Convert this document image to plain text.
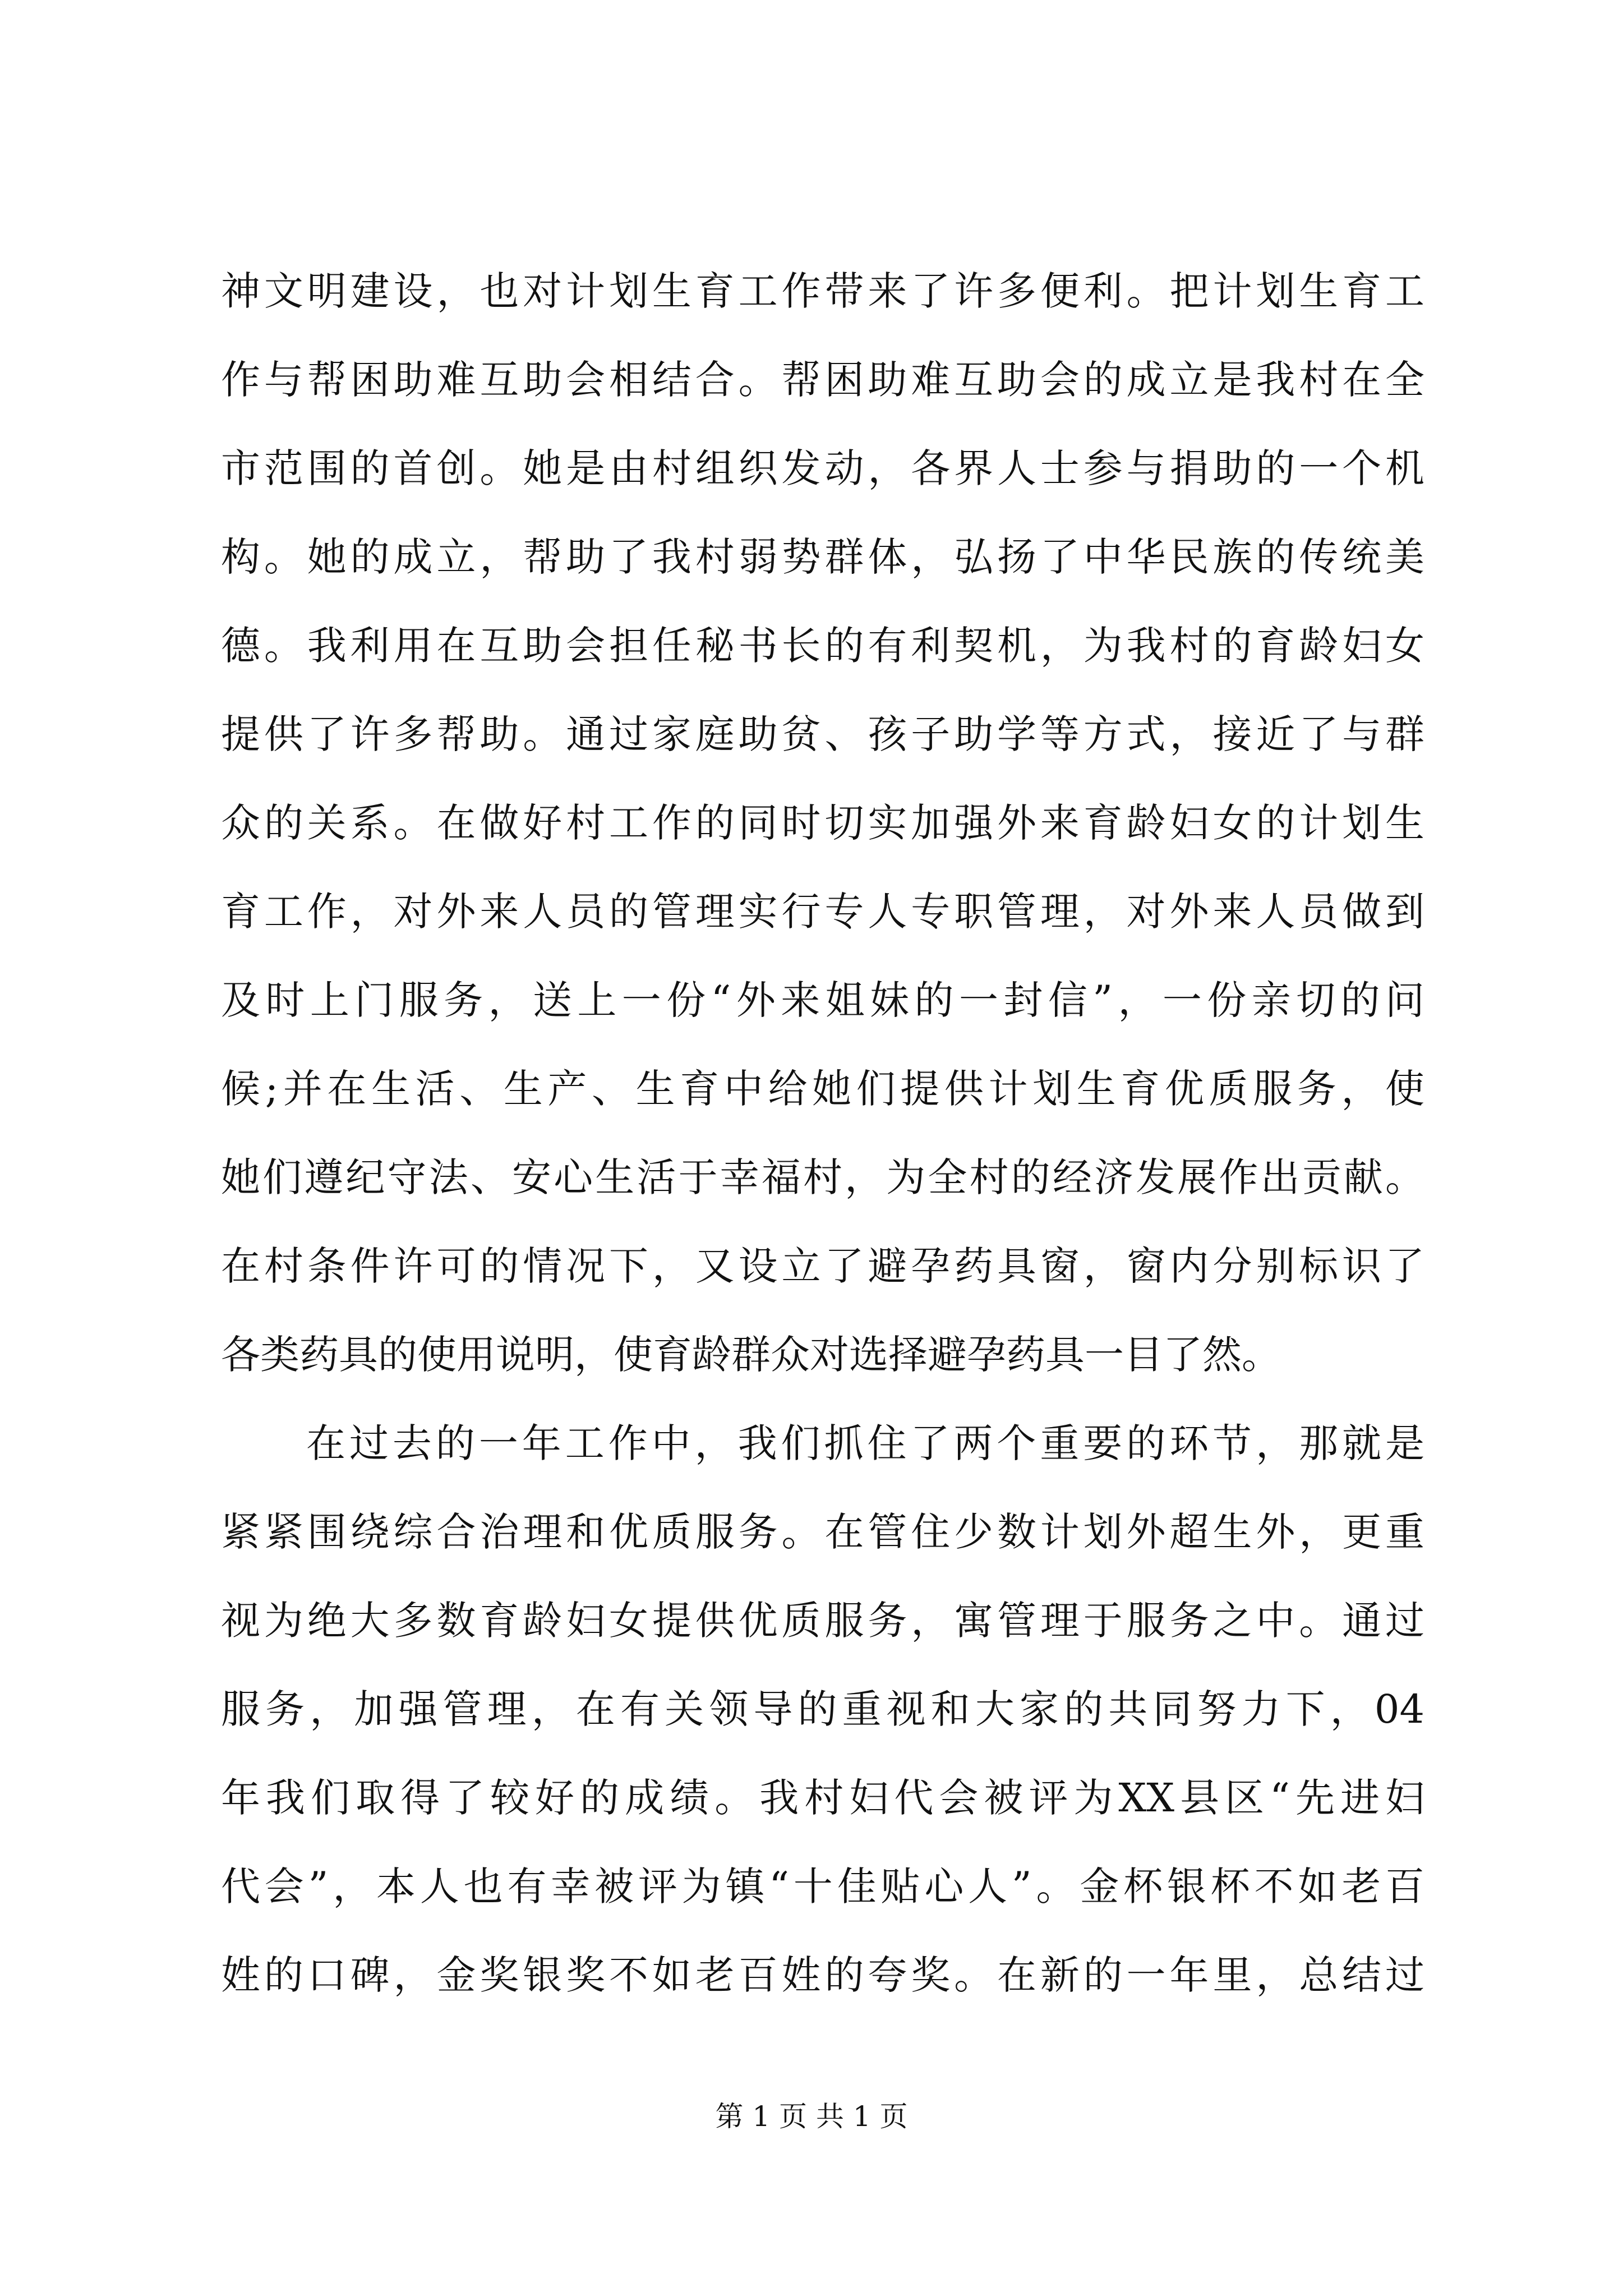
神文明建设，也对计划生育工作带来了许多便利。把计划生育工
作与帮困助难互助会相结合。帮困助难互助会的成立是我村在全
市范围的首创。她是由村组织发动，各界人士参与捐助的一个机
构。她的成立，帮助了我村弱势群体，弘扬了中华民族的传统美
德。我利用在互助会担任秘书长的有利契机，为我村的育龄妇女
提供了许多帮助。通过家庭助贫、孩子助学等方式，接近了与群
众的关系。在做好村工作的同时切实加强外来育龄妇女的计划生
育工作，对外来人员的管理实行专人专职管理，对外来人员做到
及时上门服务，送上一份“外来姐妹的一封信”，一份亲切的问
候;并在生活、生产、生育中给她们提供计划生育优质服务，使
她们遵纪守法、安心生活于幸福村，为全村的经济发展作出贡献。
在村条件许可的情况下，又设立了避孕药具窗，窗内分别标识了
各类药具的使用说明，使育龄群众对选择避孕药具一目了然。
在过去的一年工作中，我们抓住了两个重要的环节，那就是
紧紧围绕综合治理和优质服务。在管住少数计划外超生外，更重
视为绝大多数育龄妇女提供优质服务，寓管理于服务之中。通过
服务，加强管理，在有关领导的重视和大家的共同努力下，04
年我们取得了较好的成绩。我村妇代会被评为XX县区“先进妇
代会”，本人也有幸被评为镇“十佳贴心人”。金杯银杯不如老百
姓的口碑，金奖银奖不如老百姓的夸奖。在新的一年里，总结过
第 1 页 共 1 页
